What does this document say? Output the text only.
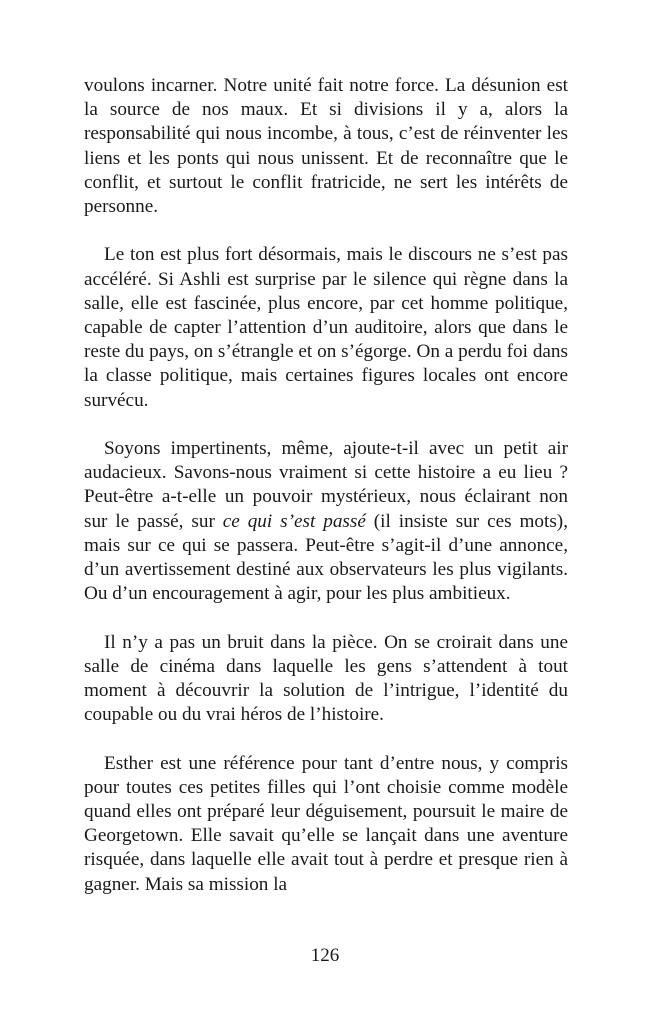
voulons incarner. Notre unité fait notre force. La désunion est la source de nos maux. Et si divisions il y a, alors la responsabilité qui nous incombe, à tous, c’est de réinventer les liens et les ponts qui nous unissent. Et de reconnaître que le conflit, et surtout le conflit fratricide, ne sert les intérêts de personne.

Le ton est plus fort désormais, mais le discours ne s’est pas accéléré. Si Ashli est surprise par le silence qui règne dans la salle, elle est fascinée, plus encore, par cet homme politique, capable de capter l’attention d’un auditoire, alors que dans le reste du pays, on s’étrangle et on s’égorge. On a perdu foi dans la classe politique, mais certaines figures locales ont encore survécu.

Soyons impertinents, même, ajoute-t-il avec un petit air audacieux. Savons-nous vraiment si cette histoire a eu lieu ? Peut-être a-t-elle un pouvoir mystérieux, nous éclairant non sur le passé, sur ce qui s’est passé (il insiste sur ces mots), mais sur ce qui se passera. Peut-être s’agit-il d’une annonce, d’un avertissement destiné aux observateurs les plus vigilants. Ou d’un encouragement à agir, pour les plus ambitieux.

Il n’y a pas un bruit dans la pièce. On se croirait dans une salle de cinéma dans laquelle les gens s’attendent à tout moment à découvrir la solution de l’intrigue, l’identité du coupable ou du vrai héros de l’histoire.

Esther est une référence pour tant d’entre nous, y compris pour toutes ces petites filles qui l’ont choisie comme modèle quand elles ont préparé leur déguisement, poursuit le maire de Georgetown. Elle savait qu’elle se lançait dans une aventure risquée, dans laquelle elle avait tout à perdre et presque rien à gagner. Mais sa mission la

126
